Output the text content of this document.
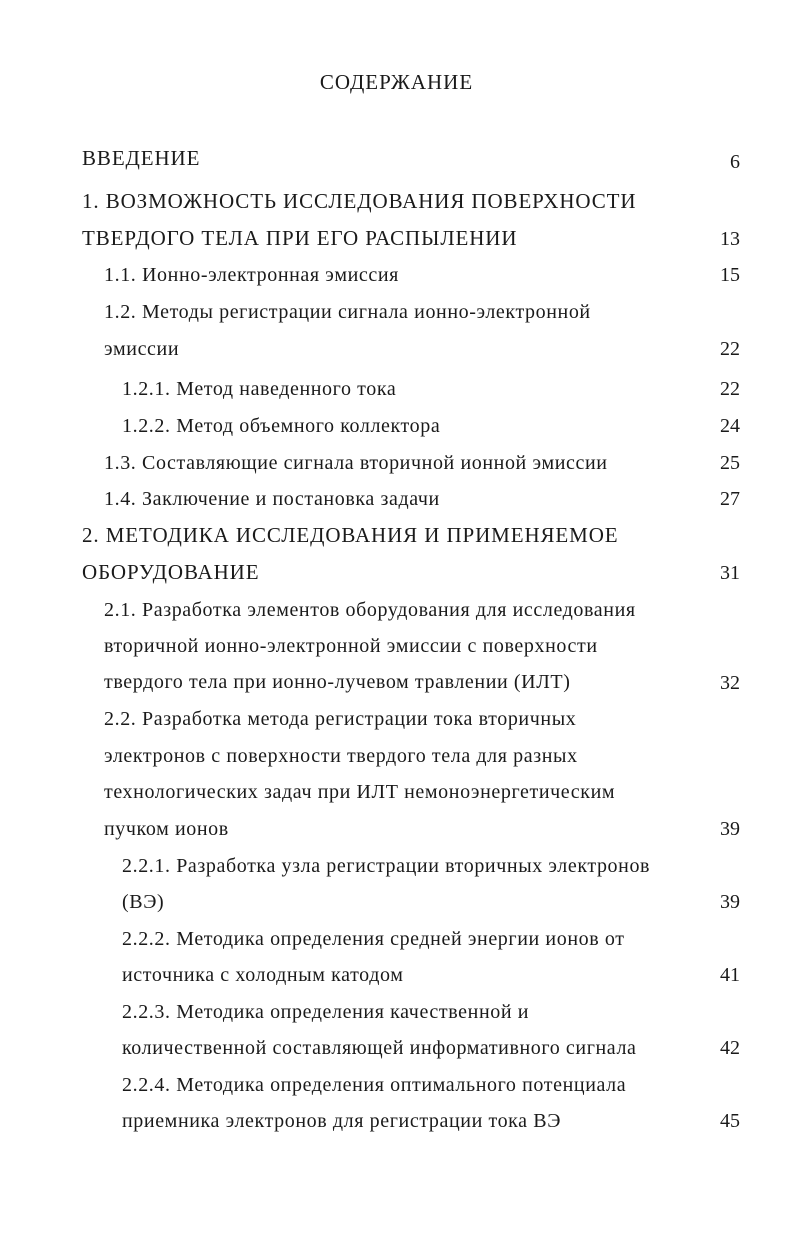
СОДЕРЖАНИЕ
ВВЕДЕНИЕ	6
1. ВОЗМОЖНОСТЬ ИССЛЕДОВАНИЯ ПОВЕРХНОСТИ
ТВЕРДОГО ТЕЛА ПРИ ЕГО РАСПЫЛЕНИИ	13
1.1. Ионно-электронная эмиссия	15
1.2. Методы регистрации сигнала ионно-электронной
эмиссии	22
1.2.1. Метод наведенного тока	22
1.2.2. Метод объемного коллектора	24
1.3. Составляющие сигнала вторичной ионной эмиссии	25
1.4. Заключение и постановка задачи	27
2. МЕТОДИКА ИССЛЕДОВАНИЯ И ПРИМЕНЯЕМОЕ
ОБОРУДОВАНИЕ	31
2.1. Разработка элементов оборудования для исследования
вторичной ионно-электронной эмиссии с поверхности
твердого тела при ионно-лучевом травлении (ИЛТ)	32
2.2. Разработка метода регистрации тока вторичных
электронов с поверхности твердого тела для разных
технологических задач при ИЛТ немоноэнергетическим
пучком ионов	39
2.2.1. Разработка узла регистрации вторичных электронов
(ВЭ)	39
2.2.2. Методика определения средней энергии ионов от
источника с холодным катодом	41
2.2.3. Методика определения качественной и
количественной составляющей информативного сигнала	42
2.2.4. Методика определения оптимального потенциала
приемника электронов для регистрации тока ВЭ	45
